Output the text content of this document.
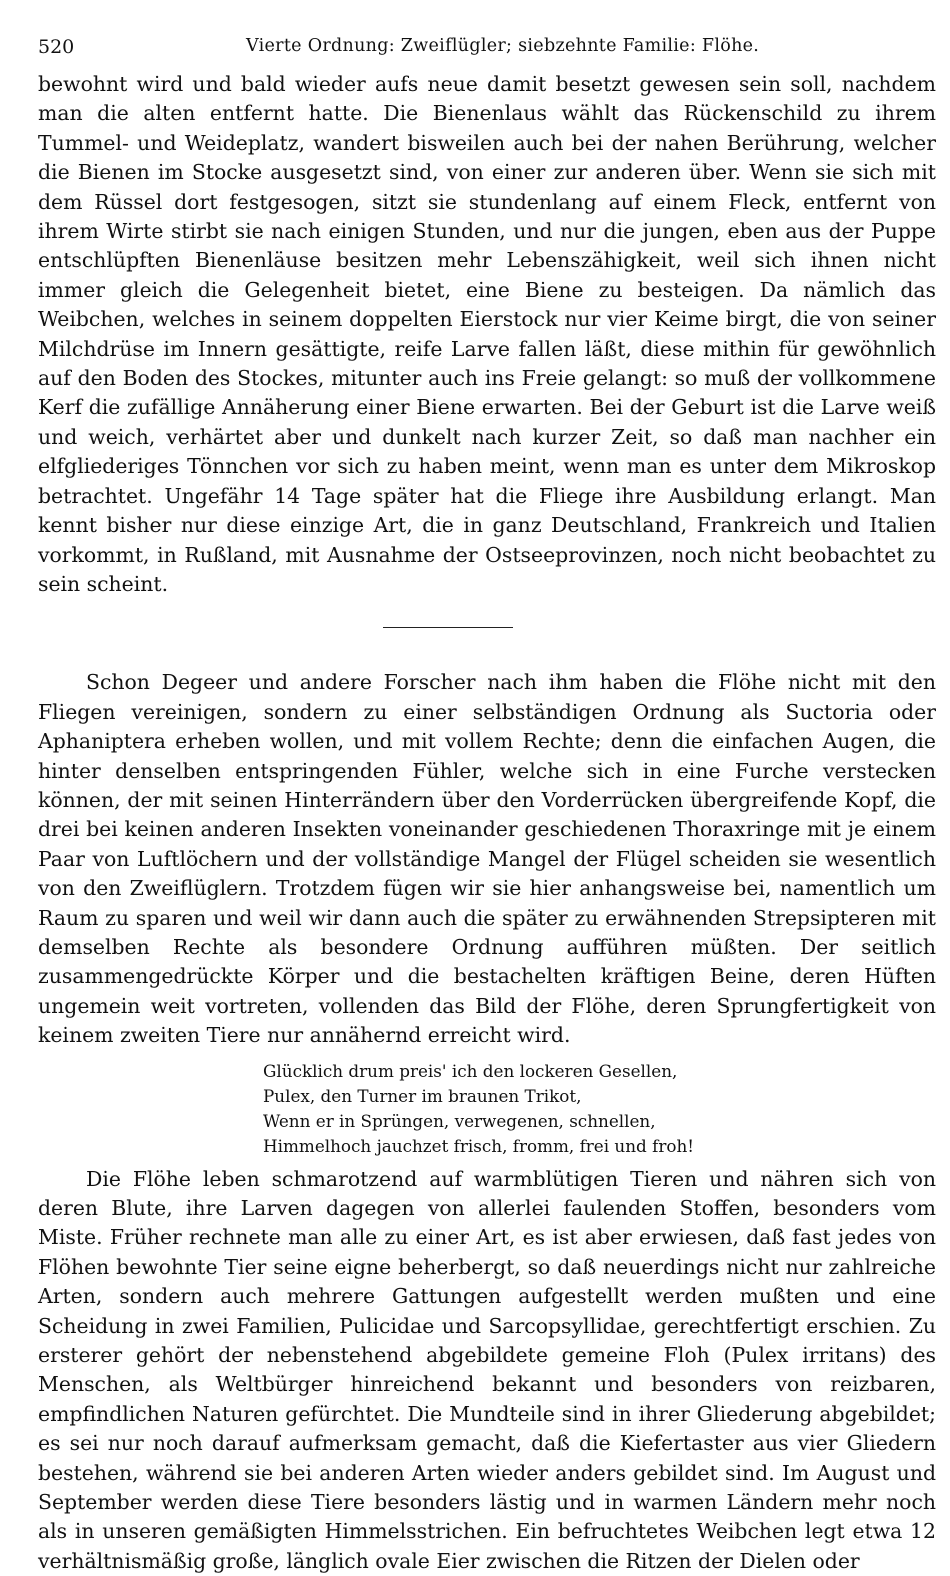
520	Vierte Ordnung: Zweiflügler; siebzehnte Familie: Flöhe.

bewohnt wird und bald wieder aufs neue damit besetzt gewesen sein soll, nachdem man die alten entfernt hatte. Die Bienenlaus wählt das Rückenschild zu ihrem Tummel- und Weideplatz, wandert bisweilen auch bei der nahen Berührung, welcher die Bienen im Stocke ausgesetzt sind, von einer zur anderen über. Wenn sie sich mit dem Rüssel dort festgesogen, sitzt sie stundenlang auf einem Fleck, entfernt von ihrem Wirte stirbt sie nach einigen Stunden, und nur die jungen, eben aus der Puppe entschlüpften Bienenläuse besitzen mehr Lebenszähigkeit, weil sich ihnen nicht immer gleich die Gelegenheit bietet, eine Biene zu besteigen. Da nämlich das Weibchen, welches in seinem doppelten Eierstock nur vier Keime birgt, die von seiner Milchdrüse im Innern gesättigte, reife Larve fallen läßt, diese mithin für gewöhnlich auf den Boden des Stockes, mitunter auch ins Freie gelangt: so muß der vollkommene Kerf die zufällige Annäherung einer Biene erwarten. Bei der Geburt ist die Larve weiß und weich, verhärtet aber und dunkelt nach kurzer Zeit, so daß man nachher ein elfgliederiges Tönnchen vor sich zu haben meint, wenn man es unter dem Mikroskop betrachtet. Ungefähr 14 Tage später hat die Fliege ihre Ausbildung erlangt. Man kennt bisher nur diese einzige Art, die in ganz Deutschland, Frankreich und Italien vorkommt, in Rußland, mit Ausnahme der Ostseeprovinzen, noch nicht beobachtet zu sein scheint.

Schon Degeer und andere Forscher nach ihm haben die Flöhe nicht mit den Fliegen vereinigen, sondern zu einer selbständigen Ordnung als Suctoria oder Aphaniptera erheben wollen, und mit vollem Rechte; denn die einfachen Augen, die hinter denselben entspringenden Fühler, welche sich in eine Furche verstecken können, der mit seinen Hinterrändern über den Vorderrücken übergreifende Kopf, die drei bei keinen anderen Insekten voneinander geschiedenen Thoraxringe mit je einem Paar von Luftlöchern und der vollständige Mangel der Flügel scheiden sie wesentlich von den Zweiflüglern. Trotzdem fügen wir sie hier anhangsweise bei, namentlich um Raum zu sparen und weil wir dann auch die später zu erwähnenden Strepsipteren mit demselben Rechte als besondere Ordnung aufführen müßten. Der seitlich zusammengedrückte Körper und die bestachelten kräftigen Beine, deren Hüften ungemein weit vortreten, vollenden das Bild der Flöhe, deren Sprungfertigkeit von keinem zweiten Tiere nur annähernd erreicht wird.

Glücklich drum preis' ich den lockeren Gesellen,
Pulex, den Turner im braunen Trikot,
Wenn er in Sprüngen, verwegenen, schnellen,
Himmelhoch jauchzet frisch, fromm, frei und froh!

Die Flöhe leben schmarotzend auf warmblütigen Tieren und nähren sich von deren Blute, ihre Larven dagegen von allerlei faulenden Stoffen, besonders vom Miste. Früher rechnete man alle zu einer Art, es ist aber erwiesen, daß fast jedes von Flöhen bewohnte Tier seine eigne beherbergt, so daß neuerdings nicht nur zahlreiche Arten, sondern auch mehrere Gattungen aufgestellt werden mußten und eine Scheidung in zwei Familien, Pulicidae und Sarcopsyllidae, gerechtfertigt erschien. Zu ersterer gehört der nebenstehend abgebildete gemeine Floh (Pulex irritans) des Menschen, als Weltbürger hinreichend bekannt und besonders von reizbaren, empfindlichen Naturen gefürchtet. Die Mundteile sind in ihrer Gliederung abgebildet; es sei nur noch darauf aufmerksam gemacht, daß die Kiefertaster aus vier Gliedern bestehen, während sie bei anderen Arten wieder anders gebildet sind. Im August und September werden diese Tiere besonders lästig und in warmen Ländern mehr noch als in unseren gemäßigten Himmelsstrichen. Ein befruchtetes Weibchen legt etwa 12 verhältnismäßig große, länglich ovale Eier zwischen die Ritzen der Dielen oder
